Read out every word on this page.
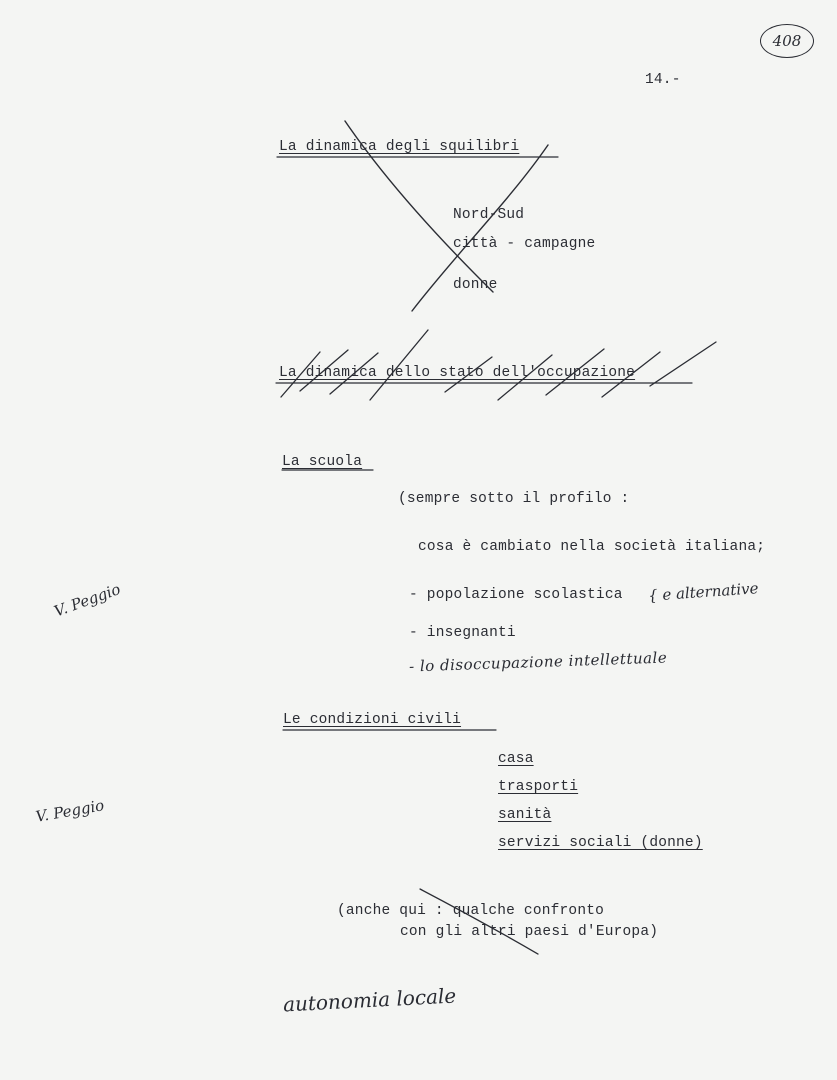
408
14.-
La dinamica degli squilibri
Nord-Sud
città - campagne
donne
La dinamica dello stato dell'occupazione
La scuola
(sempre sotto il profilo :
cosa è cambiato nella società italiana;
- popolazione scolastica
- insegnanti
{ e alternative
- lo disoccupazione intellettuale
V. Peggio
V. Peggio
Le condizioni civili
casa
trasporti
sanità
servizi sociali (donne)
(anche qui : qualche confronto
con gli altri paesi d'Europa)
autonomia locale
